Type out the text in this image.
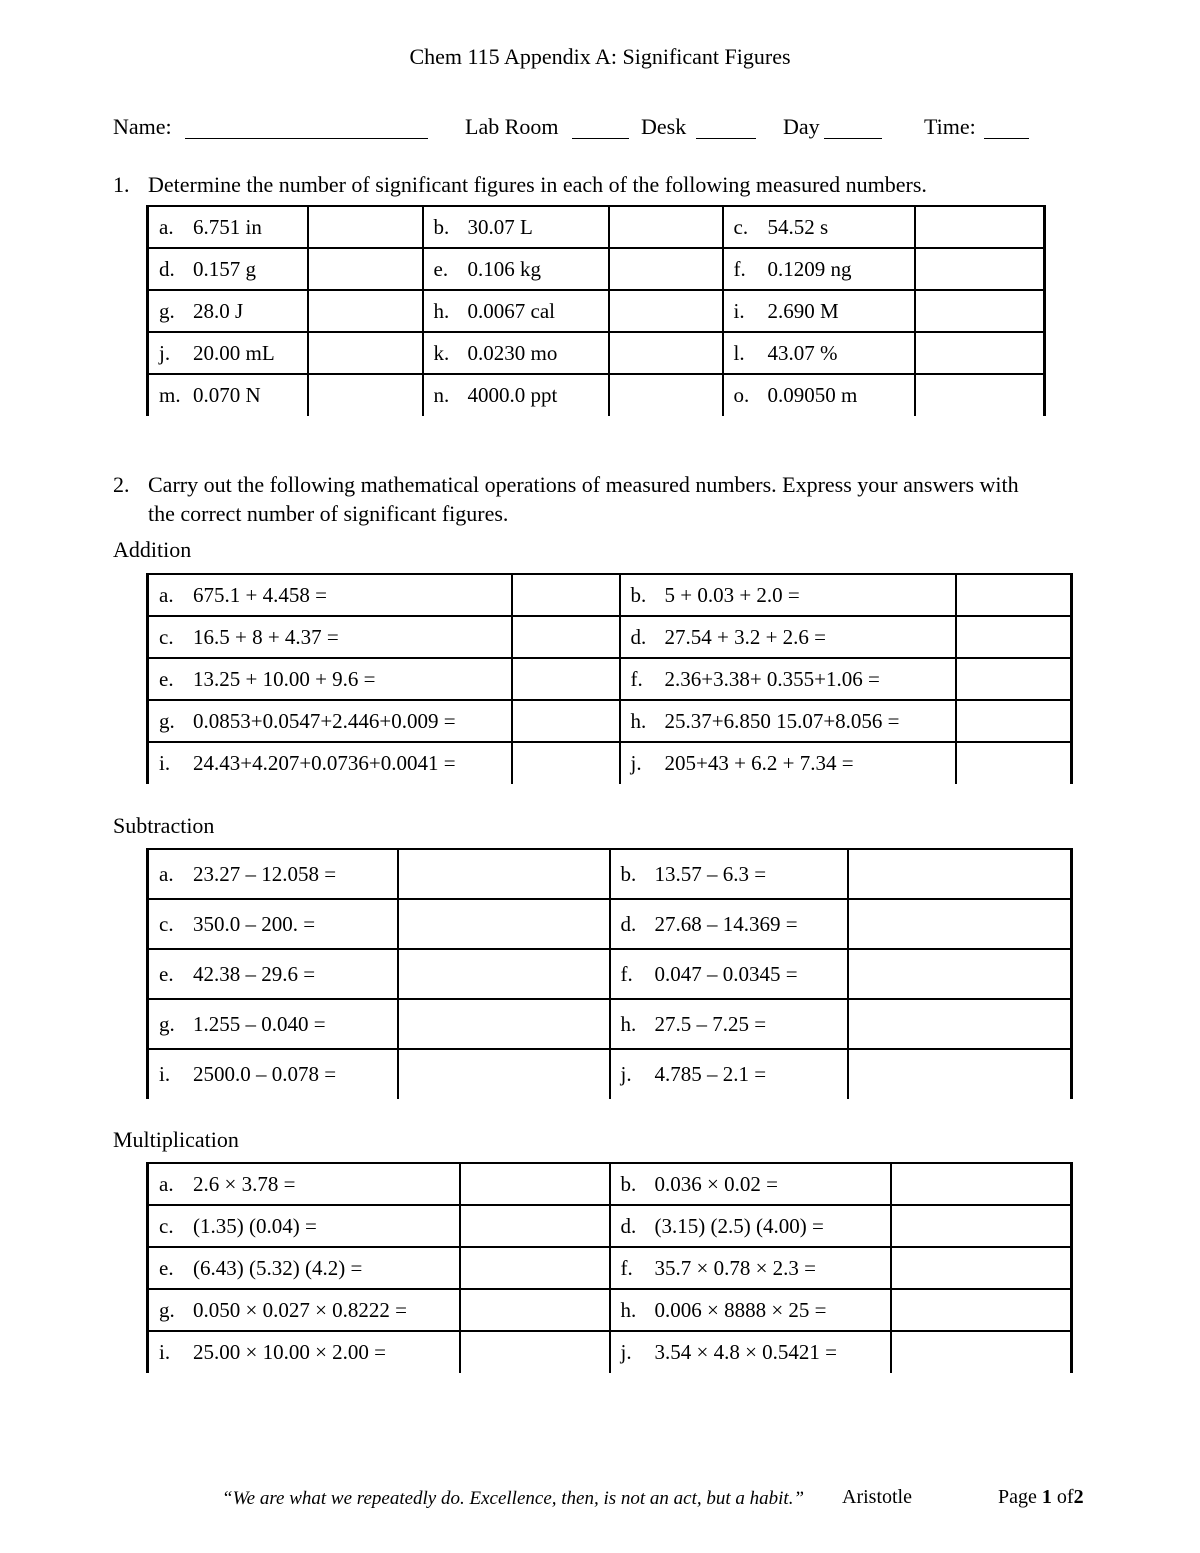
Chem 115 Appendix A: Significant Figures
Name:	Lab Room	Desk	Day	Time:
1. Determine the number of significant figures in each of the following measured numbers.
a. 6.751 in		b. 30.07 L		c. 54.52 s	
d. 0.157 g		e. 0.106 kg		f. 0.1209 ng	
g. 28.0 J		h. 0.0067 cal		i. 2.690 M	
j. 20.00 mL		k. 0.0230 mo		l. 43.07 %	
m. 0.070 N		n. 4000.0 ppt		o. 0.09050 m	
2. Carry out the following mathematical operations of measured numbers. Express your answers with
the correct number of significant figures.
Addition
a. 675.1 + 4.458 =		b. 5 + 0.03 + 2.0 =	
c. 16.5 + 8 + 4.37 =		d. 27.54 + 3.2 + 2.6 =	
e. 13.25 + 10.00 + 9.6 =		f. 2.36+3.38+ 0.355+1.06 =	
g. 0.0853+0.0547+2.446+0.009 =		h. 25.37+6.850 15.07+8.056 =	
i. 24.43+4.207+0.0736+0.0041 =		j. 205+43 + 6.2 + 7.34 =	
Subtraction
a. 23.27 – 12.058 =		b. 13.57 – 6.3 =	
c. 350.0 – 200. =		d. 27.68 – 14.369 =	
e. 42.38 – 29.6 =		f. 0.047 – 0.0345 =	
g. 1.255 – 0.040 =		h. 27.5 – 7.25 =	
i. 2500.0 – 0.078 =		j. 4.785 – 2.1 =	
Multiplication
a. 2.6 × 3.78 =		b. 0.036 × 0.02 =	
c. (1.35) (0.04) =		d. (3.15) (2.5) (4.00) =	
e. (6.43) (5.32) (4.2) =		f. 35.7 × 0.78 × 2.3 =	
g. 0.050 × 0.027 × 0.8222 =		h. 0.006 × 8888 × 25 =	
i. 25.00 × 10.00 × 2.00 =		j. 3.54 × 4.8 × 0.5421 =	
“We are what we repeatedly do. Excellence, then, is not an act, but a habit.” Aristotle	Page 1 of2
